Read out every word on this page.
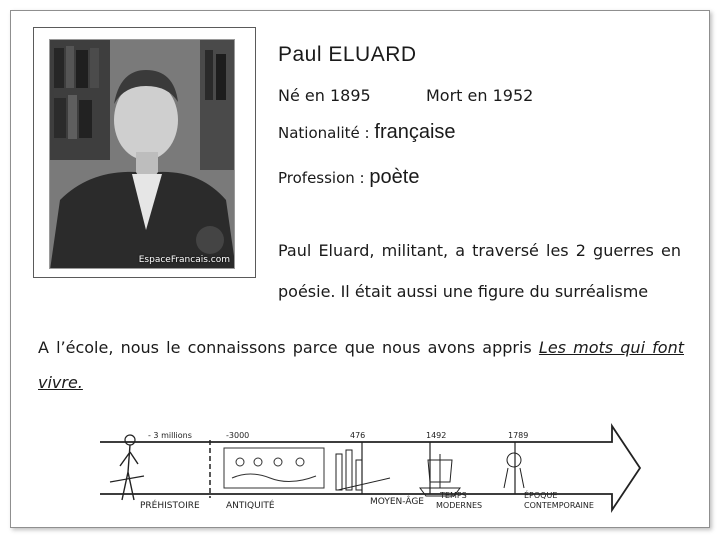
EspaceFrancais.com
Paul ELUARD
Né en 1895	Mort en 1952
Nationalité : française
Profession : poète
Paul Eluard, militant, a traversé les 2 guerres en poésie. Il était aussi une figure du surréalisme
A l’école, nous le connaissons parce que nous avons appris Les mots qui font vivre.
- 3 millions	-3000	476	1492	1789
PRÉHISTOIRE	ANTIQUITÉ	MOYEN-ÂGE
TEMPS
MODERNES
ÉPOQUE
CONTEMPORAINE
